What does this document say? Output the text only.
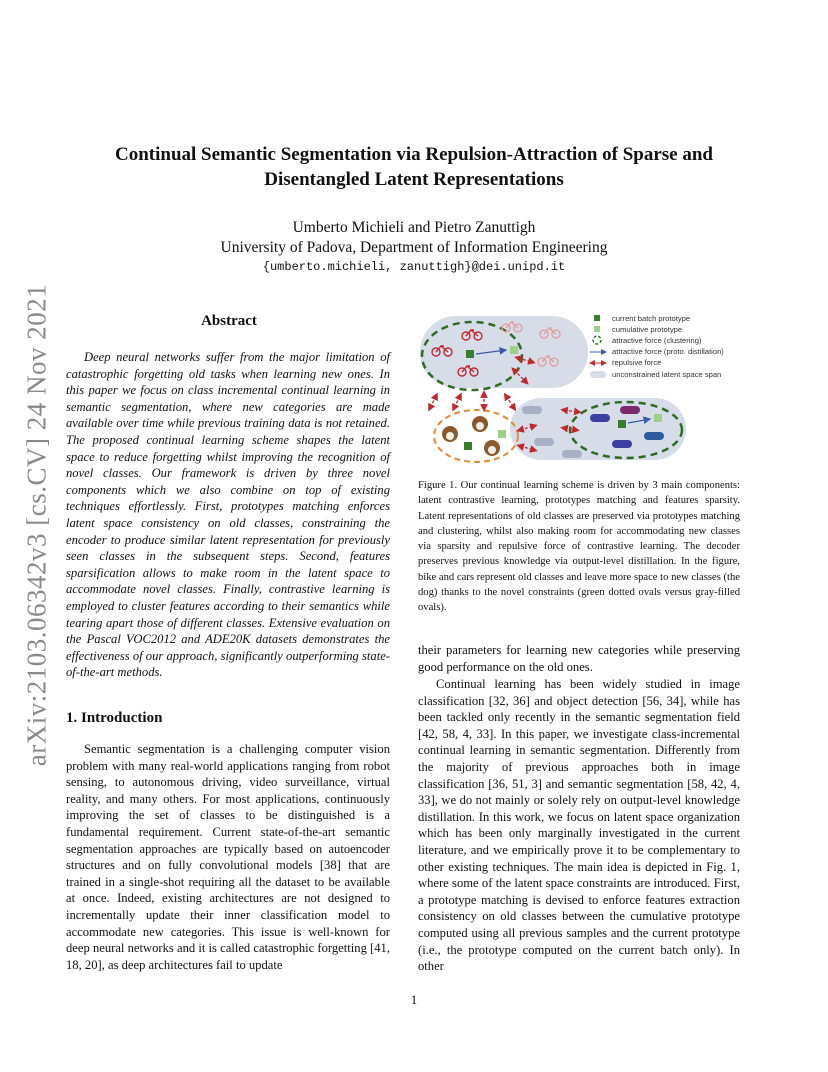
arXiv:2103.06342v3 [cs.CV] 24 Nov 2021
Continual Semantic Segmentation via Repulsion-Attraction of Sparse and
Disentangled Latent Representations
Umberto Michieli and Pietro Zanuttigh
University of Padova, Department of Information Engineering
{umberto.michieli, zanuttigh}@dei.unipd.it
Abstract
Deep neural networks suffer from the major limitation of catastrophic forgetting old tasks when learning new ones. In this paper we focus on class incremental continual learning in semantic segmentation, where new categories are made available over time while previous training data is not retained. The proposed continual learning scheme shapes the latent space to reduce forgetting whilst improving the recognition of novel classes. Our framework is driven by three novel components which we also combine on top of existing techniques effortlessly. First, prototypes matching enforces latent space consistency on old classes, constraining the encoder to produce similar latent representation for previously seen classes in the subsequent steps. Second, features sparsification allows to make room in the latent space to accommodate novel classes. Finally, contrastive learning is employed to cluster features according to their semantics while tearing apart those of different classes. Extensive evaluation on the Pascal VOC2012 and ADE20K datasets demonstrates the effectiveness of our approach, significantly outperforming state-of-the-art methods.
current batch prototype
cumulative prototype
attractive force (clustering)
attractive force (proto. distillation)
repulsive force
unconstrained latent space span
Figure 1. Our continual learning scheme is driven by 3 main components: latent contrastive learning, prototypes matching and features sparsity. Latent representations of old classes are preserved via prototypes matching and clustering, whilst also making room for accommodating new classes via sparsity and repulsive force of contrastive learning. The decoder preserves previous knowledge via output-level distillation. In the figure, bike and cars represent old classes and leave more space to new classes (the dog) thanks to the novel constraints (green dotted ovals versus gray-filled ovals).
1. Introduction
Semantic segmentation is a challenging computer vision problem with many real-world applications ranging from robot sensing, to autonomous driving, video surveillance, virtual reality, and many others. For most applications, continuously improving the set of classes to be distinguished is a fundamental requirement. Current state-of-the-art semantic segmentation approaches are typically based on autoencoder structures and on fully convolutional models [38] that are trained in a single-shot requiring all the dataset to be available at once. Indeed, existing architectures are not designed to incrementally update their inner classification model to accommodate new categories. This issue is well-known for deep neural networks and it is called catastrophic forgetting [41, 18, 20], as deep architectures fail to update
their parameters for learning new categories while preserving good performance on the old ones.
Continual learning has been widely studied in image classification [32, 36] and object detection [56, 34], while has been tackled only recently in the semantic segmentation field [42, 58, 4, 33]. In this paper, we investigate class-incremental continual learning in semantic segmentation. Differently from the majority of previous approaches both in image classification [36, 51, 3] and semantic segmentation [58, 42, 4, 33], we do not mainly or solely rely on output-level knowledge distillation. In this work, we focus on latent space organization which has been only marginally investigated in the current literature, and we empirically prove it to be complementary to other existing techniques. The main idea is depicted in Fig. 1, where some of the latent space constraints are introduced. First, a prototype matching is devised to enforce features extraction consistency on old classes between the cumulative prototype computed using all previous samples and the current prototype (i.e., the prototype computed on the current batch only). In other
1
